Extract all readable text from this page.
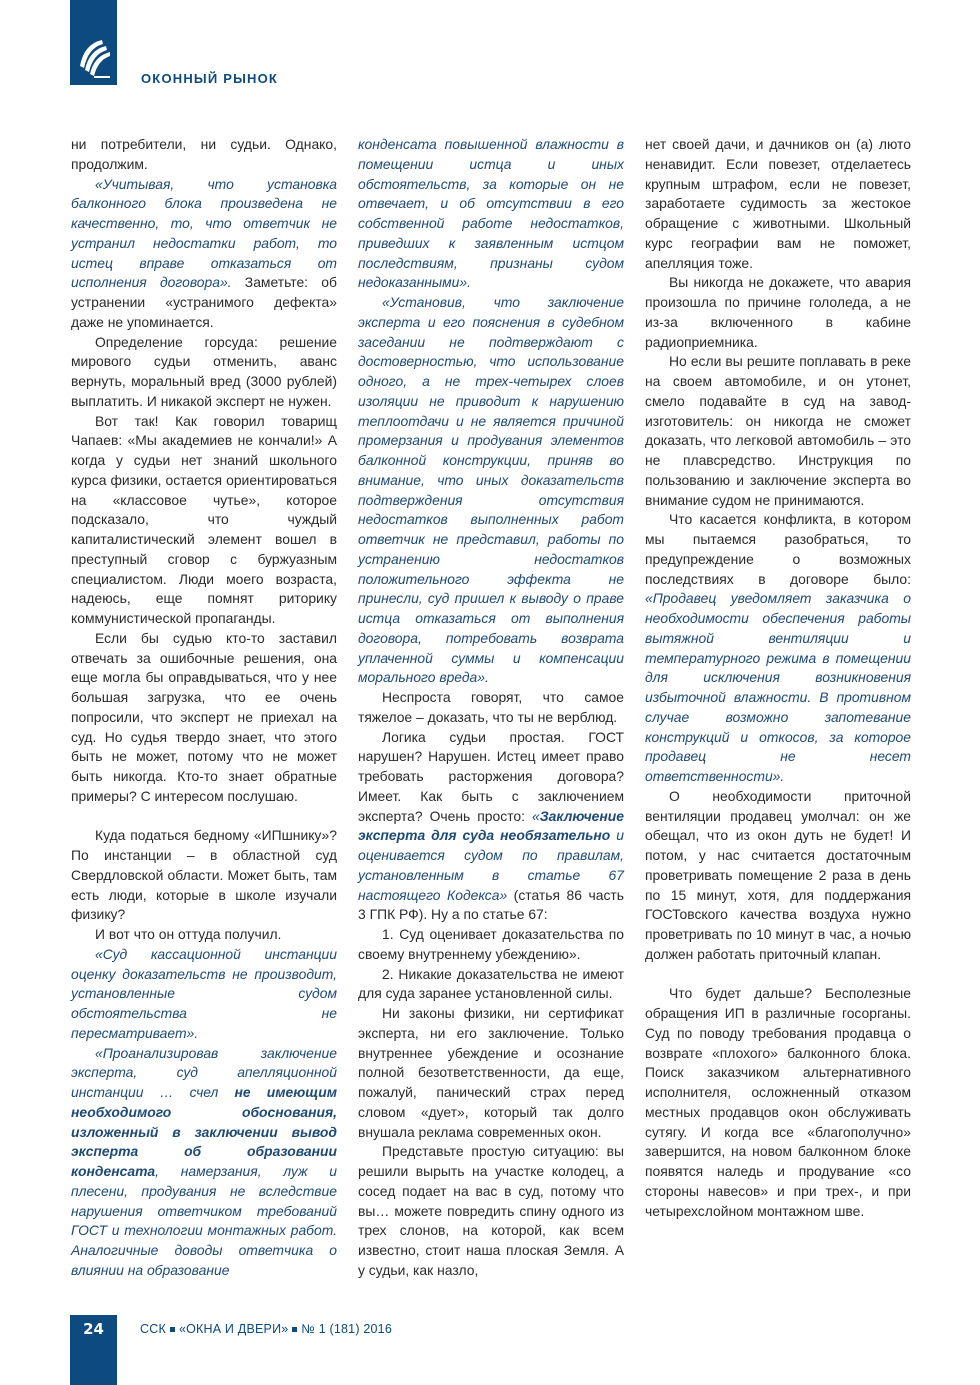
ОКОННЫЙ РЫНОК

ни потребители, ни судьи. Однако, продолжим.

«Учитывая, что установка балконного блока произведена не качественно, то, что ответчик не устранил недостатки работ, то истец вправе отказаться от исполнения договора». Заметьте: об устранении «устранимого дефекта» даже не упоминается.

Определение горсуда: решение мирового судьи отменить, аванс вернуть, моральный вред (3000 рублей) выплатить. И никакой эксперт не нужен.

Вот так! Как говорил товарищ Чапаев: «Мы академиев не кончали!» А когда у судьи нет знаний школьного курса физики, остается ориентироваться на «классовое чутье», которое подсказало, что чуждый капиталистический элемент вошел в преступный сговор с буржуазным специалистом. Люди моего возраста, надеюсь, еще помнят риторику коммунистической пропаганды.

Если бы судью кто-то заставил отвечать за ошибочные решения, она еще могла бы оправдываться, что у нее большая загрузка, что ее очень попросили, что эксперт не приехал на суд. Но судья твердо знает, что этого быть не может, потому что не может быть никогда. Кто-то знает обратные примеры? С интересом послушаю.

Куда податься бедному «ИПшнику»? По инстанции – в областной суд Свердловской области. Может быть, там есть люди, которые в школе изучали физику?

И вот что он оттуда получил.

«Суд кассационной инстанции оценку доказательств не производит, установленные судом обстоятельства не пересматривает».

«Проанализировав заключение эксперта, суд апелляционной инстанции … счел не имеющим необходимого обоснования, изложенный в заключении вывод эксперта об образовании конденсата, намерзания, луж и плесени, продувания не вследствие нарушения ответчиком требований ГОСТ и технологии монтажных работ. Аналогичные доводы ответчика о влиянии на образование

конденсата повышенной влажности в помещении истца и иных обстоятельств, за которые он не отвечает, и об отсутствии в его собственной работе недостатков, приведших к заявленным истцом последствиям, признаны судом недоказанными».

«Установив, что заключение эксперта и его пояснения в судебном заседании не подтверждают с достоверностью, что использование одного, а не трех-четырех слоев изоляции не приводит к нарушению теплоотдачи и не является причиной промерзания и продувания элементов балконной конструкции, приняв во внимание, что иных доказательств подтверждения отсутствия недостатков выполненных работ ответчик не представил, работы по устранению недостатков положительного эффекта не принесли, суд пришел к выводу о праве истца отказаться от выполнения договора, потребовать возврата уплаченной суммы и компенсации морального вреда».

Неспроста говорят, что самое тяжелое – доказать, что ты не верблюд.

Логика судьи простая. ГОСТ нарушен? Нарушен. Истец имеет право требовать расторжения договора? Имеет. Как быть с заключением эксперта? Очень просто: «Заключение эксперта для суда необязательно и оценивается судом по правилам, установленным в статье 67 настоящего Кодекса» (статья 86 часть 3 ГПК РФ). Ну а по статье 67:

1. Суд оценивает доказательства по своему внутреннему убеждению».

2. Никакие доказательства не имеют для суда заранее установленной силы.

Ни законы физики, ни сертификат эксперта, ни его заключение. Только внутреннее убеждение и осознание полной безответственности, да еще, пожалуй, панический страх перед словом «дует», который так долго внушала реклама современных окон.

Представьте простую ситуацию: вы решили вырыть на участке колодец, а сосед подает на вас в суд, потому что вы… можете повредить спину одного из трех слонов, на которой, как всем известно, стоит наша плоская Земля. А у судьи, как назло,

нет своей дачи, и дачников он (а) люто ненавидит. Если повезет, отделаетесь крупным штрафом, если не повезет, заработаете судимость за жестокое обращение с животными. Школьный курс географии вам не поможет, апелляция тоже.

Вы никогда не докажете, что авария произошла по причине гололеда, а не из-за включенного в кабине радиоприемника.

Но если вы решите поплавать в реке на своем автомобиле, и он утонет, смело подавайте в суд на завод-изготовитель: он никогда не сможет доказать, что легковой автомобиль – это не плавсредство. Инструкция по пользованию и заключение эксперта во внимание судом не принимаются.

Что касается конфликта, в котором мы пытаемся разобраться, то предупреждение о возможных последствиях в договоре было: «Продавец уведомляет заказчика о необходимости обеспечения работы вытяжной вентиляции и температурного режима в помещении для исключения возникновения избыточной влажности. В противном случае возможно запотевание конструкций и откосов, за которое продавец не несет ответственности».

О необходимости приточной вентиляции продавец умолчал: он же обещал, что из окон дуть не будет! И потом, у нас считается достаточным проветривать помещение 2 раза в день по 15 минут, хотя, для поддержания ГОСТовского качества воздуха нужно проветривать по 10 минут в час, а ночью должен работать приточный клапан.

Что будет дальше? Бесполезные обращения ИП в различные госорганы. Суд по поводу требования продавца о возврате «плохого» балконного блока. Поиск заказчиком альтернативного исполнителя, осложненный отказом местных продавцов окон обслуживать сутягу. И когда все «благополучно» завершится, на новом балконном блоке появятся наледь и продувание «со стороны навесов» и при трех-, и при четырехслойном монтажном шве.

24	ССК «ОКНА И ДВЕРИ» № 1 (181) 2016
